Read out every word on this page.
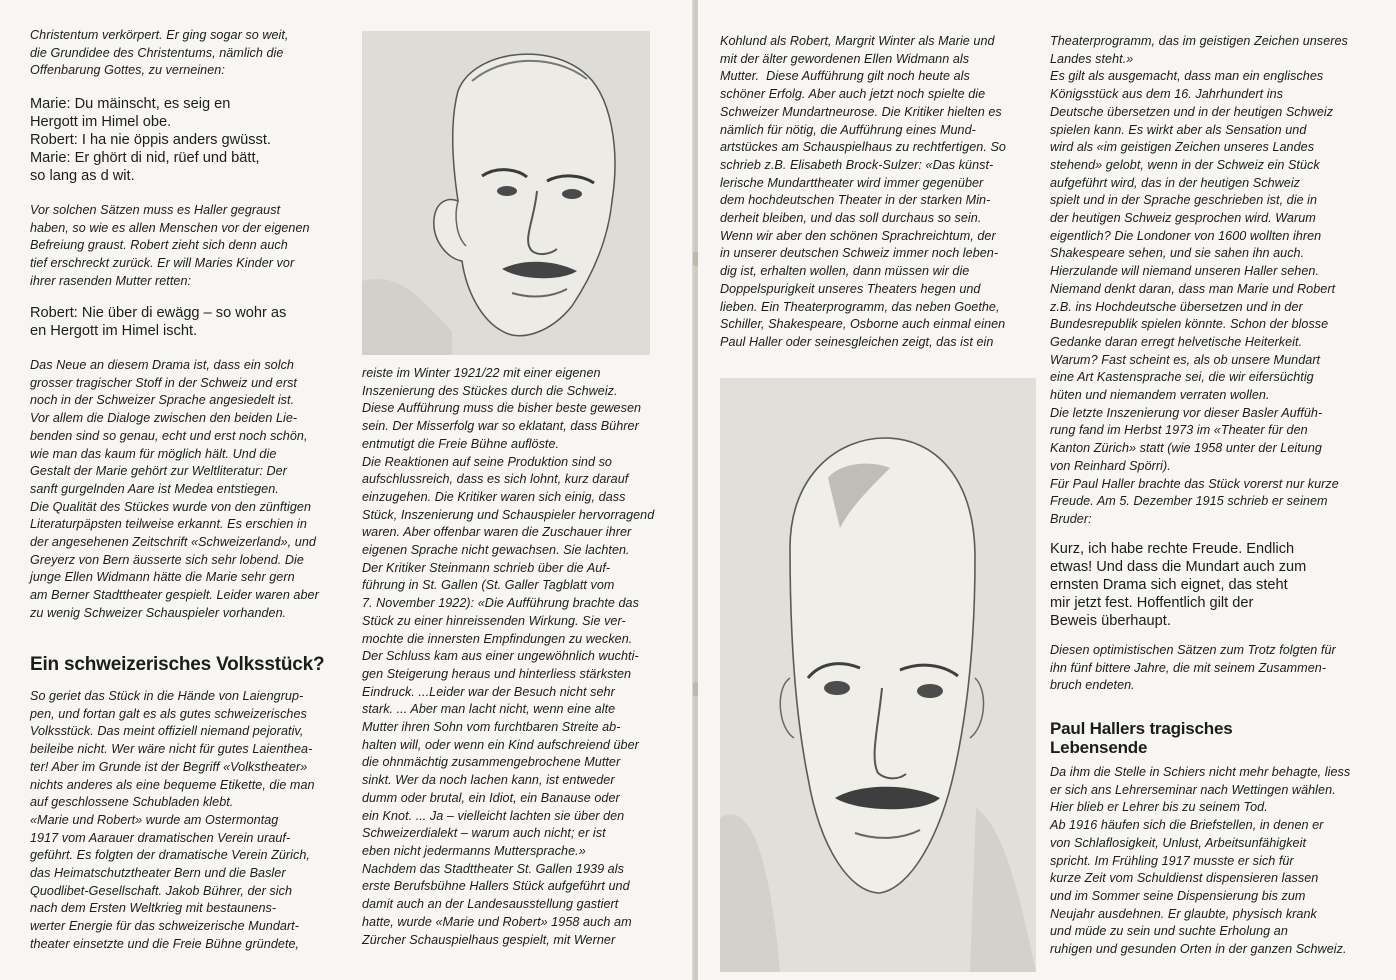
Christentum verkörpert. Er ging sogar so weit,
die Grundidee des Christentums, nämlich die
Offenbarung Gottes, zu verneinen:

Marie: Du mäinscht, es seig en
Hergott im Himel obe.
Robert: I ha nie öppis anders gwüsst.
Marie: Er ghört di nid, rüef und bätt,
so lang as d wit.

Vor solchen Sätzen muss es Haller gegraust
haben, so wie es allen Menschen vor der eigenen
Befreiung graust. Robert zieht sich denn auch
tief erschreckt zurück. Er will Maries Kinder vor
ihrer rasenden Mutter retten:

Robert: Nie über di ewägg – so wohr as
en Hergott im Himel ischt.

Das Neue an diesem Drama ist, dass ein solch
grosser tragischer Stoff in der Schweiz und erst
noch in der Schweizer Sprache angesiedelt ist.
Vor allem die Dialoge zwischen den beiden Lie-
benden sind so genau, echt und erst noch schön,
wie man das kaum für möglich hält. Und die
Gestalt der Marie gehört zur Weltliteratur: Der
sanft gurgelnden Aare ist Medea entstiegen.
Die Qualität des Stückes wurde von den zünftigen
Literaturpäpsten teilweise erkannt. Es erschien in
der angesehenen Zeitschrift «Schweizerland», und
Greyerz von Bern äusserte sich sehr lobend. Die
junge Ellen Widmann hätte die Marie sehr gern
am Berner Stadttheater gespielt. Leider waren aber
zu wenig Schweizer Schauspieler vorhanden.

Ein schweizerisches Volksstück?

So geriet das Stück in die Hände von Laiengrup-
pen, und fortan galt es als gutes schweizerisches
Volksstück. Das meint offiziell niemand pejorativ,
beileibe nicht. Wer wäre nicht für gutes Laienthea-
ter! Aber im Grunde ist der Begriff «Volkstheater»
nichts anderes als eine bequeme Etikette, die man
auf geschlossene Schubladen klebt.
«Marie und Robert» wurde am Ostermontag
1917 vom Aarauer dramatischen Verein urauf-
geführt. Es folgten der dramatische Verein Zürich,
das Heimatschutztheater Bern und die Basler
Quodlibet-Gesellschaft. Jakob Bührer, der sich
nach dem Ersten Weltkrieg mit bestaunens-
werter Energie für das schweizerische Mundart-
theater einsetzte und die Freie Bühne gründete,

reiste im Winter 1921/22 mit einer eigenen
Inszenierung des Stückes durch die Schweiz.
Diese Aufführung muss die bisher beste gewesen
sein. Der Misserfolg war so eklatant, dass Bührer
entmutigt die Freie Bühne auflöste.
Die Reaktionen auf seine Produktion sind so
aufschlussreich, dass es sich lohnt, kurz darauf
einzugehen. Die Kritiker waren sich einig, dass
Stück, Inszenierung und Schauspieler hervorragend
waren. Aber offenbar waren die Zuschauer ihrer
eigenen Sprache nicht gewachsen. Sie lachten.
Der Kritiker Steinmann schrieb über die Auf-
führung in St. Gallen (St. Galler Tagblatt vom
7. November 1922): «Die Aufführung brachte das
Stück zu einer hinreissenden Wirkung. Sie ver-
mochte die innersten Empfindungen zu wecken.
Der Schluss kam aus einer ungewöhnlich wuchti-
gen Steigerung heraus und hinterliess stärksten
Eindruck. ...Leider war der Besuch nicht sehr
stark. ... Aber man lacht nicht, wenn eine alte
Mutter ihren Sohn vom furchtbaren Streite ab-
halten will, oder wenn ein Kind aufschreiend über
die ohnmächtig zusammengebrochene Mutter
sinkt. Wer da noch lachen kann, ist entweder
dumm oder brutal, ein Idiot, ein Banause oder
ein Knot. ... Ja – vielleicht lachten sie über den
Schweizerdialekt – warum auch nicht; er ist
eben nicht jedermanns Muttersprache.»
Nachdem das Stadttheater St. Gallen 1939 als
erste Berufsbühne Hallers Stück aufgeführt und
damit auch an der Landesausstellung gastiert
hatte, wurde «Marie und Robert» 1958 auch am
Zürcher Schauspielhaus gespielt, mit Werner

Kohlund als Robert, Margrit Winter als Marie und
mit der älter gewordenen Ellen Widmann als
Mutter.  Diese Aufführung gilt noch heute als
schöner Erfolg. Aber auch jetzt noch spielte die
Schweizer Mundartneurose. Die Kritiker hielten es
nämlich für nötig, die Aufführung eines Mund-
artstückes am Schauspielhaus zu rechtfertigen. So
schrieb z.B. Elisabeth Brock-Sulzer: «Das künst-
lerische Mundarttheater wird immer gegenüber
dem hochdeutschen Theater in der starken Min-
derheit bleiben, und das soll durchaus so sein.
Wenn wir aber den schönen Sprachreichtum, der
in unserer deutschen Schweiz immer noch leben-
dig ist, erhalten wollen, dann müssen wir die
Doppelspurigkeit unseres Theaters hegen und
lieben. Ein Theaterprogramm, das neben Goethe,
Schiller, Shakespeare, Osborne auch einmal einen
Paul Haller oder seinesgleichen zeigt, das ist ein

Theaterprogramm, das im geistigen Zeichen unseres
Landes steht.»
Es gilt als ausgemacht, dass man ein englisches
Königsstück aus dem 16. Jahrhundert ins
Deutsche übersetzen und in der heutigen Schweiz
spielen kann. Es wirkt aber als Sensation und
wird als «im geistigen Zeichen unseres Landes
stehend» gelobt, wenn in der Schweiz ein Stück
aufgeführt wird, das in der heutigen Schweiz
spielt und in der Sprache geschrieben ist, die in
der heutigen Schweiz gesprochen wird. Warum
eigentlich? Die Londoner von 1600 wollten ihren
Shakespeare sehen, und sie sahen ihn auch.
Hierzulande will niemand unseren Haller sehen.
Niemand denkt daran, dass man Marie und Robert
z.B. ins Hochdeutsche übersetzen und in der
Bundesrepublik spielen könnte. Schon der blosse
Gedanke daran erregt helvetische Heiterkeit.
Warum? Fast scheint es, als ob unsere Mundart
eine Art Kastensprache sei, die wir eifersüchtig
hüten und niemandem verraten wollen.
Die letzte Inszenierung vor dieser Basler Auffüh-
rung fand im Herbst 1973 im «Theater für den
Kanton Zürich» statt (wie 1958 unter der Leitung
von Reinhard Spörri).
Für Paul Haller brachte das Stück vorerst nur kurze
Freude. Am 5. Dezember 1915 schrieb er seinem
Bruder:

Kurz, ich habe rechte Freude. Endlich
etwas! Und dass die Mundart auch zum
ernsten Drama sich eignet, das steht
mir jetzt fest. Hoffentlich gilt der
Beweis überhaupt.

Diesen optimistischen Sätzen zum Trotz folgten für
ihn fünf bittere Jahre, die mit seinem Zusammen-
bruch endeten.

Paul Hallers tragisches
Lebensende

Da ihm die Stelle in Schiers nicht mehr behagte, liess
er sich ans Lehrerseminar nach Wettingen wählen.
Hier blieb er Lehrer bis zu seinem Tod.
Ab 1916 häufen sich die Briefstellen, in denen er
von Schlaflosigkeit, Unlust, Arbeitsunfähigkeit
spricht. Im Frühling 1917 musste er sich für
kurze Zeit vom Schuldienst dispensieren lassen
und im Sommer seine Dispensierung bis zum
Neujahr ausdehnen. Er glaubte, physisch krank
und müde zu sein und suchte Erholung an
ruhigen und gesunden Orten in der ganzen Schweiz.
